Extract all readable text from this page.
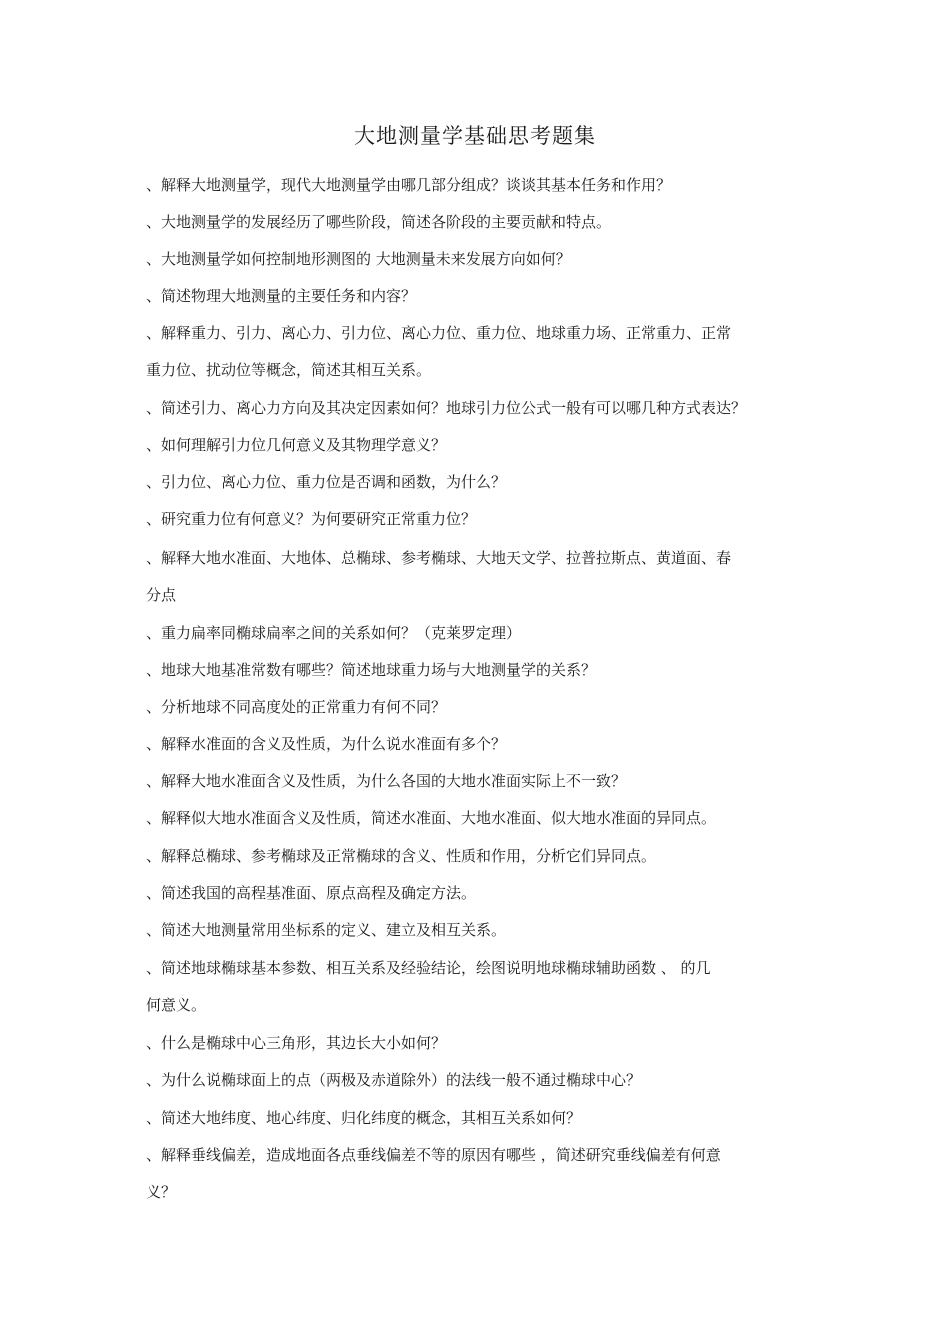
大地测量学基础思考题集
、解释大地测量学，现代大地测量学由哪几部分组成？谈谈其基本任务和作用？
、大地测量学的发展经历了哪些阶段，简述各阶段的主要贡献和特点。
、大地测量学如何控制地形测图的 大地测量未来发展方向如何？
、简述物理大地测量的主要任务和内容？
、解释重力、引力、离心力、引力位、离心力位、重力位、地球重力场、正常重力、正常
重力位、扰动位等概念，简述其相互关系。
、简述引力、离心力方向及其决定因素如何？地球引力位公式一般有可以哪几种方式表达？
、如何理解引力位几何意义及其物理学意义？
、引力位、离心力位、重力位是否调和函数，为什么？
、研究重力位有何意义？为何要研究正常重力位？
、解释大地水准面、大地体、总椭球、参考椭球、大地天文学、拉普拉斯点、黄道面、春
分点
、重力扁率同椭球扁率之间的关系如何？（克莱罗定理）
、地球大地基准常数有哪些？简述地球重力场与大地测量学的关系？
、分析地球不同高度处的正常重力有何不同？
、解释水准面的含义及性质，为什么说水准面有多个？
、解释大地水准面含义及性质，为什么各国的大地水准面实际上不一致？
、解释似大地水准面含义及性质，简述水准面、大地水准面、似大地水准面的异同点。
、解释总椭球、参考椭球及正常椭球的含义、性质和作用，分析它们异同点。
、简述我国的高程基准面、原点高程及确定方法。
、简述大地测量常用坐标系的定义、建立及相互关系。
、简述地球椭球基本参数、相互关系及经验结论，绘图说明地球椭球辅助函数 、 的几
何意义。
、什么是椭球中心三角形，其边长大小如何？
、为什么说椭球面上的点（两极及赤道除外）的法线一般不通过椭球中心？
、简述大地纬度、地心纬度、归化纬度的概念，其相互关系如何？
、解释垂线偏差，造成地面各点垂线偏差不等的原因有哪些 ，简述研究垂线偏差有何意
义？
